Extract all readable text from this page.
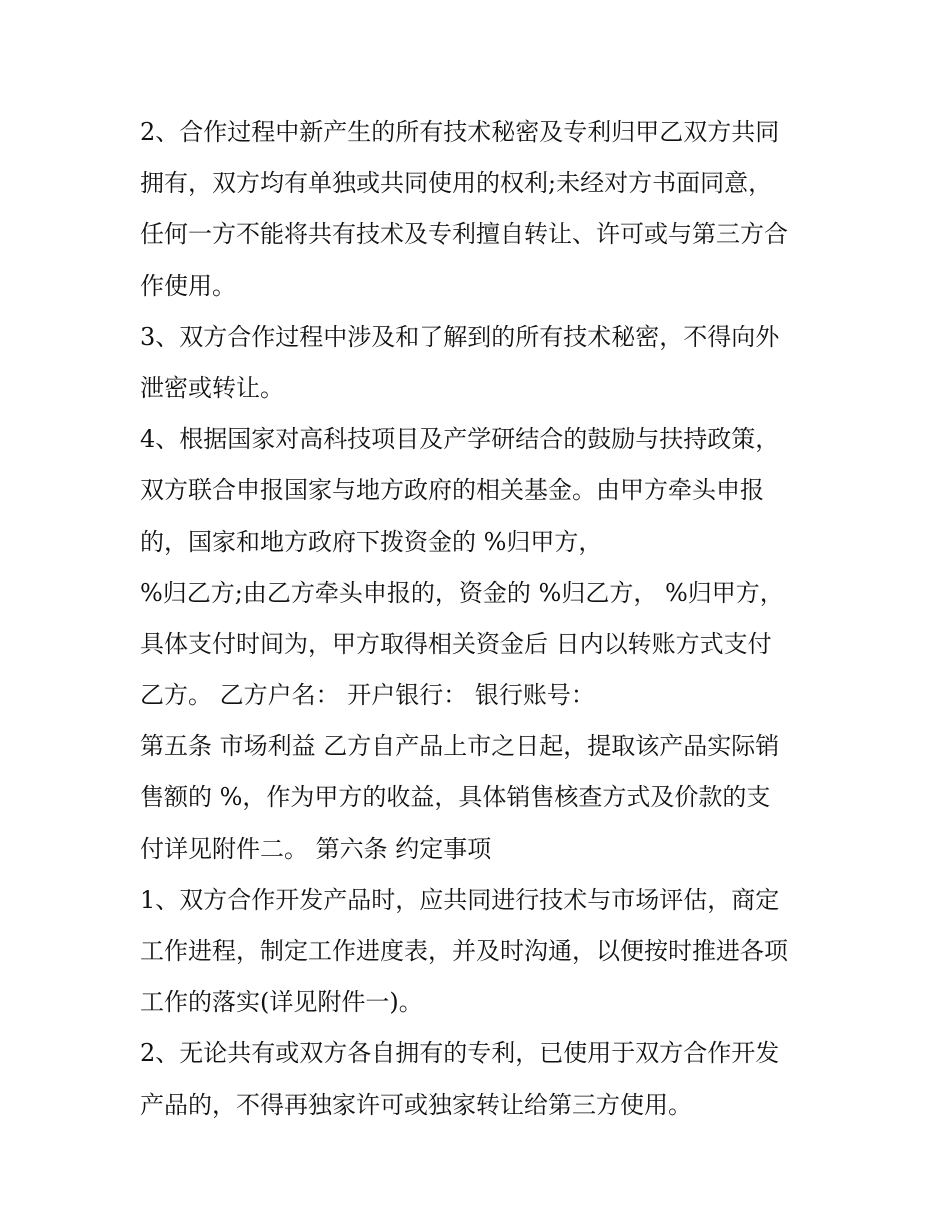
2、合作过程中新产生的所有技术秘密及专利归甲乙双方共同
拥有，双方均有单独或共同使用的权利;未经对方书面同意，
任何一方不能将共有技术及专利擅自转让、许可或与第三方合
作使用。
3、双方合作过程中涉及和了解到的所有技术秘密，不得向外
泄密或转让。
4、根据国家对高科技项目及产学研结合的鼓励与扶持政策，
双方联合申报国家与地方政府的相关基金。由甲方牵头申报
的，国家和地方政府下拨资金的 %归甲方，
%归乙方;由乙方牵头申报的，资金的 %归乙方， %归甲方，
具体支付时间为，甲方取得相关资金后 日内以转账方式支付
乙方。 乙方户名： 开户银行： 银行账号：
第五条 市场利益 乙方自产品上市之日起，提取该产品实际销
售额的 %，作为甲方的收益，具体销售核查方式及价款的支
付详见附件二。 第六条 约定事项
1、双方合作开发产品时，应共同进行技术与市场评估，商定
工作进程，制定工作进度表，并及时沟通，以便按时推进各项
工作的落实(详见附件一)。
2、无论共有或双方各自拥有的专利，已使用于双方合作开发
产品的，不得再独家许可或独家转让给第三方使用。
